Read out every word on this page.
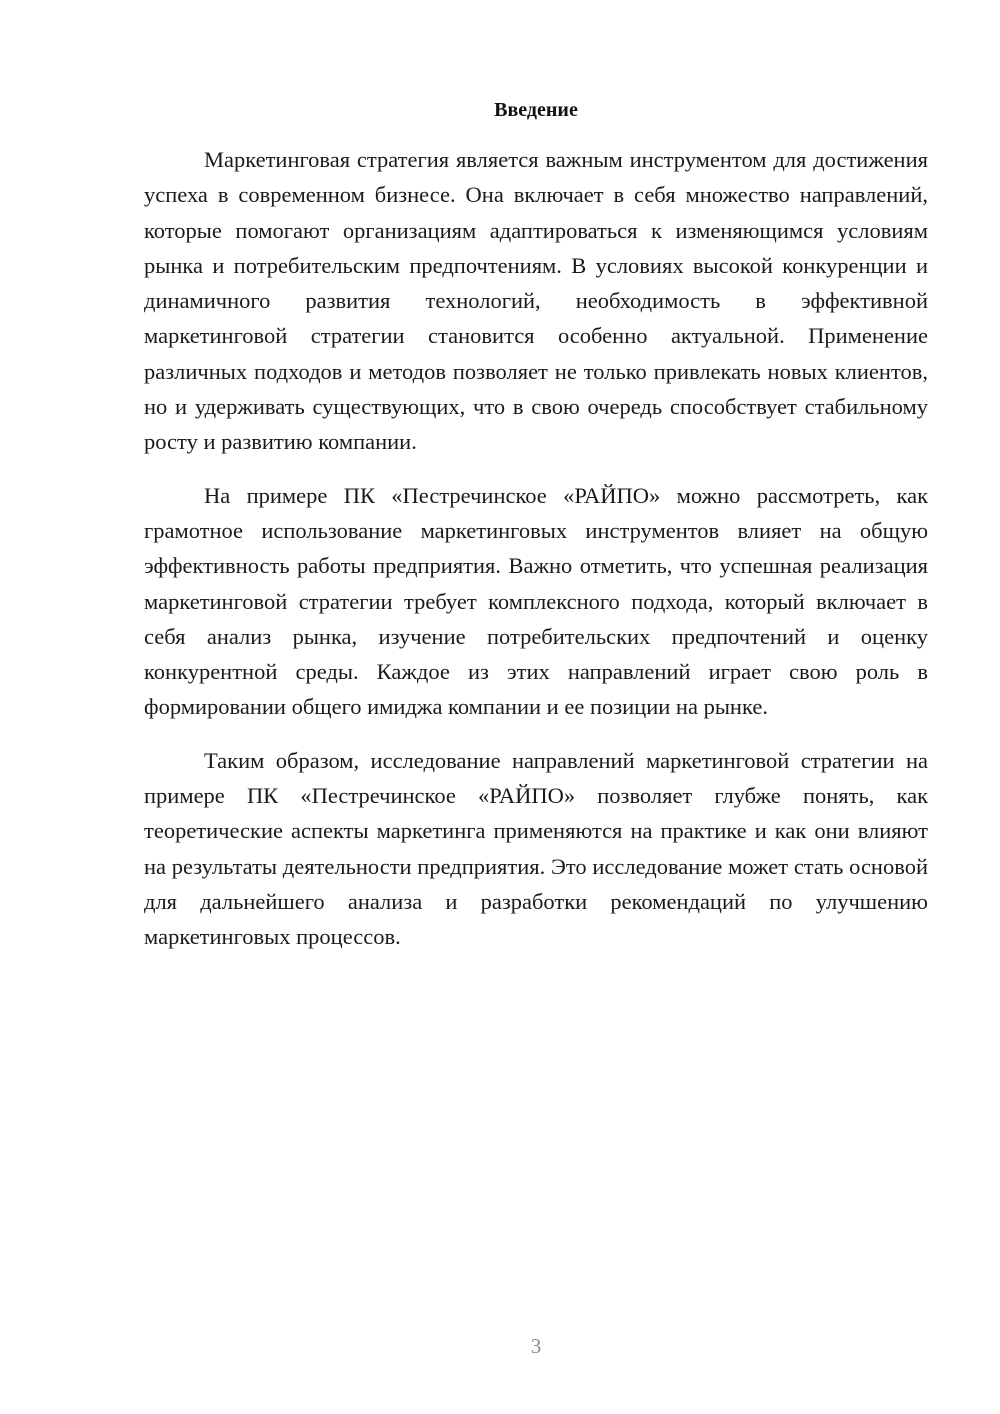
Введение

Маркетинговая стратегия является важным инструментом для достижения успеха в современном бизнесе. Она включает в себя множество направлений, которые помогают организациям адаптироваться к изменяющимся условиям рынка и потребительским предпочтениям. В условиях высокой конкуренции и динамичного развития технологий, необходимость в эффективной маркетинговой стратегии становится особенно актуальной. Применение различных подходов и методов позволяет не только привлекать новых клиентов, но и удерживать существующих, что в свою очередь способствует стабильному росту и развитию компании.

На примере ПК «Пестречинское «РАЙПО» можно рассмотреть, как грамотное использование маркетинговых инструментов влияет на общую эффективность работы предприятия. Важно отметить, что успешная реализация маркетинговой стратегии требует комплексного подхода, который включает в себя анализ рынка, изучение потребительских предпочтений и оценку конкурентной среды. Каждое из этих направлений играет свою роль в формировании общего имиджа компании и ее позиции на рынке.

Таким образом, исследование направлений маркетинговой стратегии на примере ПК «Пестречинское «РАЙПО» позволяет глубже понять, как теоретические аспекты маркетинга применяются на практике и как они влияют на результаты деятельности предприятия. Это исследование может стать основой для дальнейшего анализа и разработки рекомендаций по улучшению маркетинговых процессов.

3
